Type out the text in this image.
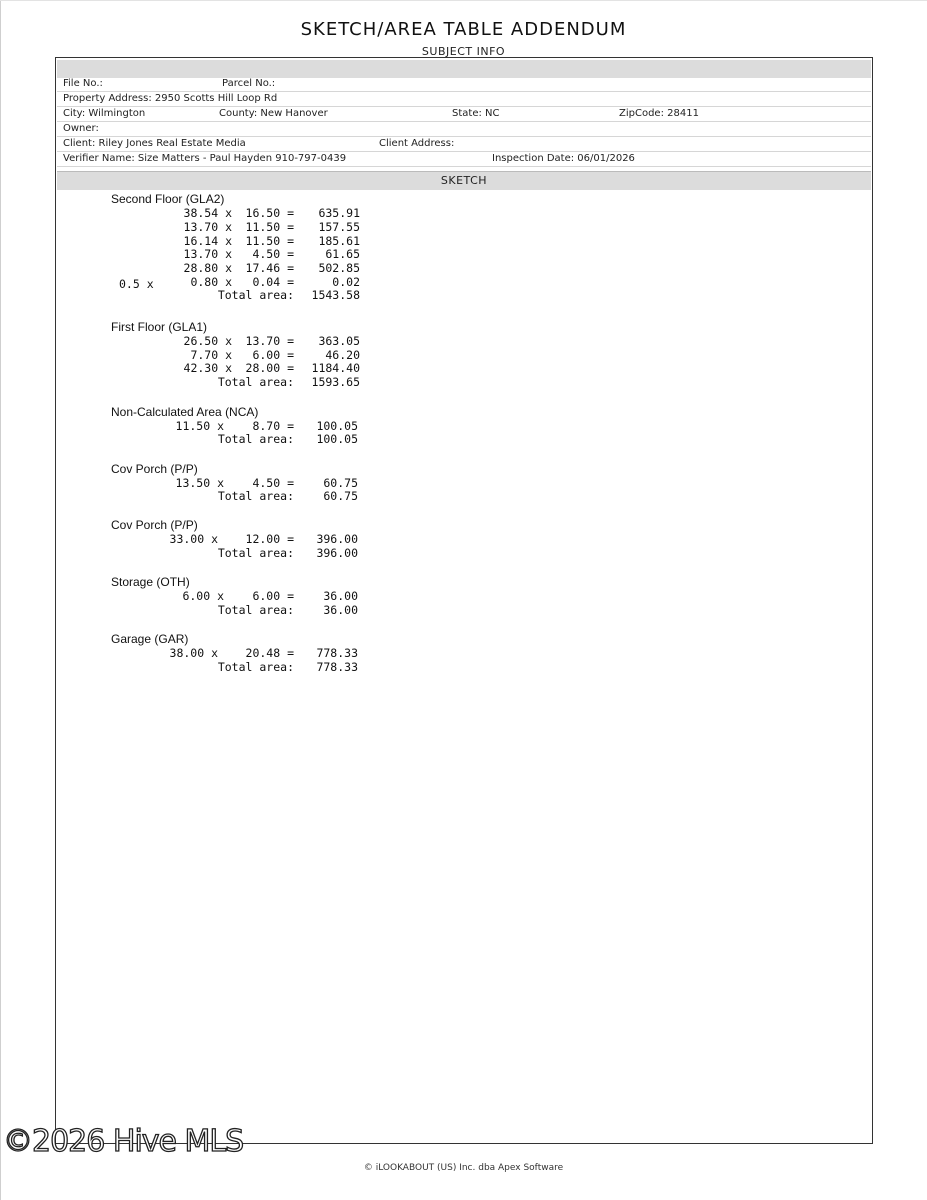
SKETCH/AREA TABLE ADDENDUM
SUBJECT INFO
File No.:	Parcel No.:
Property Address: 2950 Scotts Hill Loop Rd
City: Wilmington	County: New Hanover	State: NC	ZipCode: 28411
Owner:
Client: Riley Jones Real Estate Media	Client Address:
Verifier Name: Size Matters - Paul Hayden 910-797-0439	Inspection Date: 06/01/2026
SKETCH
Second Floor (GLA2)
38.54 x	16.50 =	635.91
13.70 x	11.50 =	157.55
16.14 x	11.50 =	185.61
13.70 x	4.50 =	61.65
28.80 x	17.46 =	502.85
0.5 x	0.80 x	0.04 =	0.02
Total area:	1543.58
First Floor (GLA1)
26.50 x	13.70 =	363.05
7.70 x	6.00 =	46.20
42.30 x	28.00 =	1184.40
Total area:	1593.65
Non-Calculated Area (NCA)
11.50 x	8.70 =	100.05
Total area:	100.05
Cov Porch (P/P)
13.50 x	4.50 =	60.75
Total area:	60.75
Cov Porch (P/P)
33.00 x	12.00 =	396.00
Total area:	396.00
Storage (OTH)
6.00 x	6.00 =	36.00
Total area:	36.00
Garage (GAR)
38.00 x	20.48 =	778.33
Total area:	778.33
©2026 Hive MLS
© iLOOKABOUT (US) Inc. dba Apex Software
